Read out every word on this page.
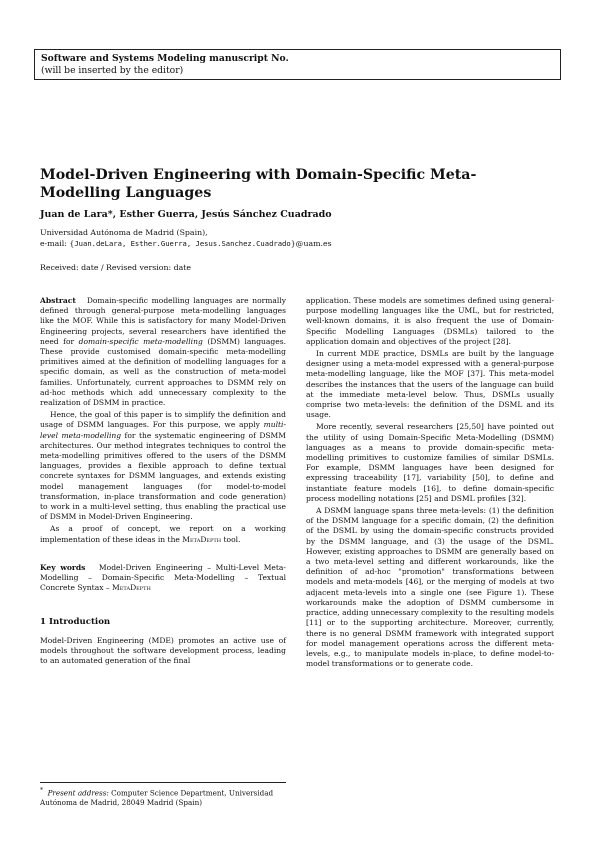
Software and Systems Modeling manuscript No.
(will be inserted by the editor)
Model-Driven Engineering with Domain-Specific Meta-Modelling Languages
Juan de Lara*, Esther Guerra, Jesús Sánchez Cuadrado
Universidad Autónoma de Madrid (Spain),
e-mail: {Juan.deLara, Esther.Guerra, Jesus.Sanchez.Cuadrado}@uam.es
Received: date / Revised version: date

Abstract Domain-specific modelling languages are normally defined through general-purpose meta-modelling languages like the MOF. While this is satisfactory for many Model-Driven Engineering projects, several researchers have identified the need for domain-specific meta-modelling (DSMM) languages. These provide customised domain-specific meta-modelling primitives aimed at the definition of modelling languages for a specific domain, as well as the construction of meta-model families. Unfortunately, current approaches to DSMM rely on ad-hoc methods which add unnecessary complexity to the realization of DSMM in practice.

Hence, the goal of this paper is to simplify the definition and usage of DSMM languages. For this purpose, we apply multi-level meta-modelling for the systematic engineering of DSMM architectures. Our method integrates techniques to control the meta-modelling primitives offered to the users of the DSMM languages, provides a flexible approach to define textual concrete syntaxes for DSMM languages, and extends existing model management languages (for model-to-model transformation, in-place transformation and code generation) to work in a multi-level setting, thus enabling the practical use of DSMM in Model-Driven Engineering.

As a proof of concept, we report on a working implementation of these ideas in the MetaDepth tool.

Key words Model-Driven Engineering – Multi-Level Meta-Modelling – Domain-Specific Meta-Modelling – Textual Concrete Syntax – MetaDepth

1 Introduction

Model-Driven Engineering (MDE) promotes an active use of models throughout the software development process, leading to an automated generation of the final

* Present address: Computer Science Department, Universidad Autónoma de Madrid, 28049 Madrid (Spain)

application. These models are sometimes defined using general-purpose modelling languages like the UML, but for restricted, well-known domains, it is also frequent the use of Domain-Specific Modelling Languages (DSMLs) tailored to the application domain and objectives of the project [28].

In current MDE practice, DSMLs are built by the language designer using a meta-model expressed with a general-purpose meta-modelling language, like the MOF [37]. This meta-model describes the instances that the users of the language can build at the immediate meta-level below. Thus, DSMLs usually comprise two meta-levels: the definition of the DSML and its usage.

More recently, several researchers [25,50] have pointed out the utility of using Domain-Specific Meta-Modelling (DSMM) languages as a means to provide domain-specific meta-modelling primitives to customize families of similar DSMLs. For example, DSMM languages have been designed for expressing traceability [17], variability [50], to define and instantiate feature models [16], to define domain-specific process modelling notations [25] and DSML profiles [32].

A DSMM language spans three meta-levels: (1) the definition of the DSMM language for a specific domain, (2) the definition of the DSML by using the domain-specific constructs provided by the DSMM language, and (3) the usage of the DSML. However, existing approaches to DSMM are generally based on a two meta-level setting and different workarounds, like the definition of ad-hoc "promotion" transformations between models and meta-models [46], or the merging of models at two adjacent meta-levels into a single one (see Figure 1). These workarounds make the adoption of DSMM cumbersome in practice, adding unnecessary complexity to the resulting models [11] or to the supporting architecture. Moreover, currently, there is no general DSMM framework with integrated support for model management operations across the different meta-levels, e.g., to manipulate models in-place, to define model-to-model transformations or to generate code.
